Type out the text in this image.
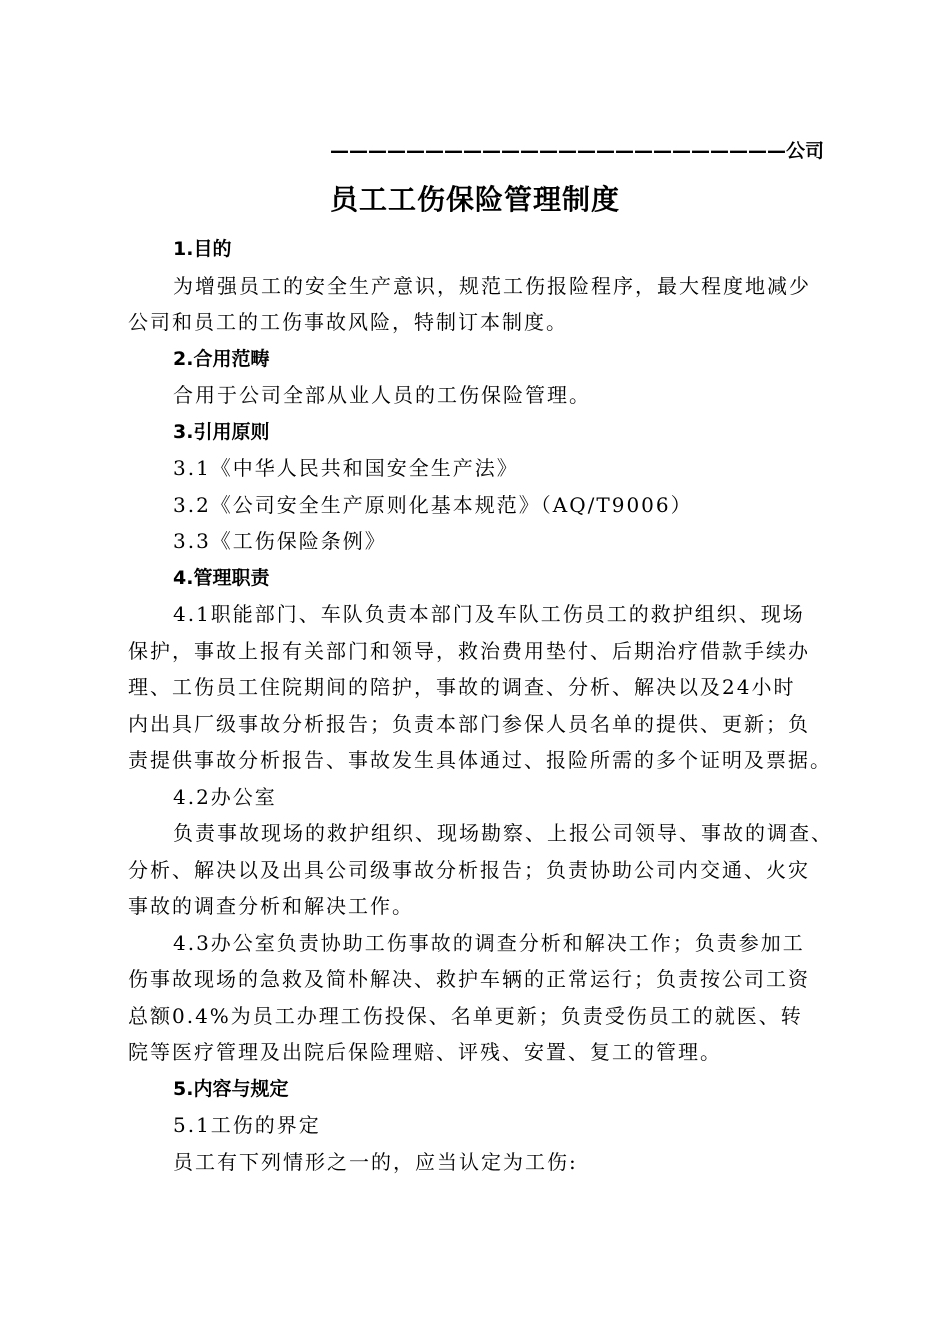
————————————————————————公司
员工工伤保险管理制度
1.目的
为增强员工的安全生产意识，规范工伤报险程序，最大程度地减少
公司和员工的工伤事故风险，特制订本制度。
2.合用范畴
合用于公司全部从业人员的工伤保险管理。
3.引用原则
3.1《中华人民共和国安全生产法》
3.2《公司安全生产原则化基本规范》（AQ/T9006）
3.3《工伤保险条例》
4.管理职责
4.1职能部门、车队负责本部门及车队工伤员工的救护组织、现场
保护，事故上报有关部门和领导，救治费用垫付、后期治疗借款手续办
理、工伤员工住院期间的陪护，事故的调查、分析、解决以及24小时
内出具厂级事故分析报告；负责本部门参保人员名单的提供、更新；负
责提供事故分析报告、事故发生具体通过、报险所需的多个证明及票据。
4.2办公室
负责事故现场的救护组织、现场勘察、上报公司领导、事故的调查、
分析、解决以及出具公司级事故分析报告；负责协助公司内交通、火灾
事故的调查分析和解决工作。
4.3办公室负责协助工伤事故的调查分析和解决工作；负责参加工
伤事故现场的急救及简朴解决、救护车辆的正常运行；负责按公司工资
总额0.4%为员工办理工伤投保、名单更新；负责受伤员工的就医、转
院等医疗管理及出院后保险理赔、评残、安置、复工的管理。
5.内容与规定
5.1工伤的界定
员工有下列情形之一的，应当认定为工伤:
